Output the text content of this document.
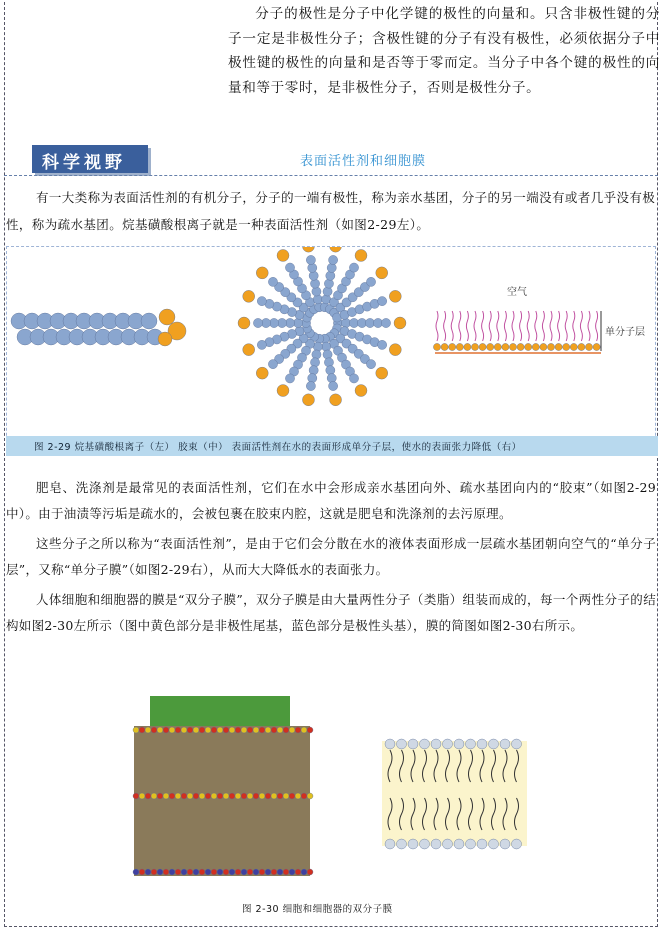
分子的极性是分子中化学键的极性的向量和。只含非极性键的分子一定是非极性分子；含极性键的分子有没有极性，必须依据分子中极性键的极性的向量和是否等于零而定。当分子中各个键的极性的向量和等于零时，是非极性分子，否则是极性分子。

科学视野	表面活性剂和细胞膜

有一大类称为表面活性剂的有机分子，分子的一端有极性，称为亲水基团，分子的另一端没有或者几乎没有极性，称为疏水基团。烷基磺酸根离子就是一种表面活性剂（如图2-29左）。

空气
单分子层
图 2-29 烷基磺酸根离子（左） 胶束（中） 表面活性剂在水的表面形成单分子层，使水的表面张力降低（右）

肥皂、洗涤剂是最常见的表面活性剂，它们在水中会形成亲水基团向外、疏水基团向内的“胶束”（如图2-29中）。由于油渍等污垢是疏水的，会被包裹在胶束内腔，这就是肥皂和洗涤剂的去污原理。

这些分子之所以称为“表面活性剂”，是由于它们会分散在水的液体表面形成一层疏水基团朝向空气的“单分子层”，又称“单分子膜”（如图2-29右），从而大大降低水的表面张力。

人体细胞和细胞器的膜是“双分子膜”，双分子膜是由大量两性分子（类脂）组装而成的，每一个两性分子的结构如图2-30左所示（图中黄色部分是非极性尾基，蓝色部分是极性头基），膜的简图如图2-30右所示。

图 2-30 细胞和细胞器的双分子膜
